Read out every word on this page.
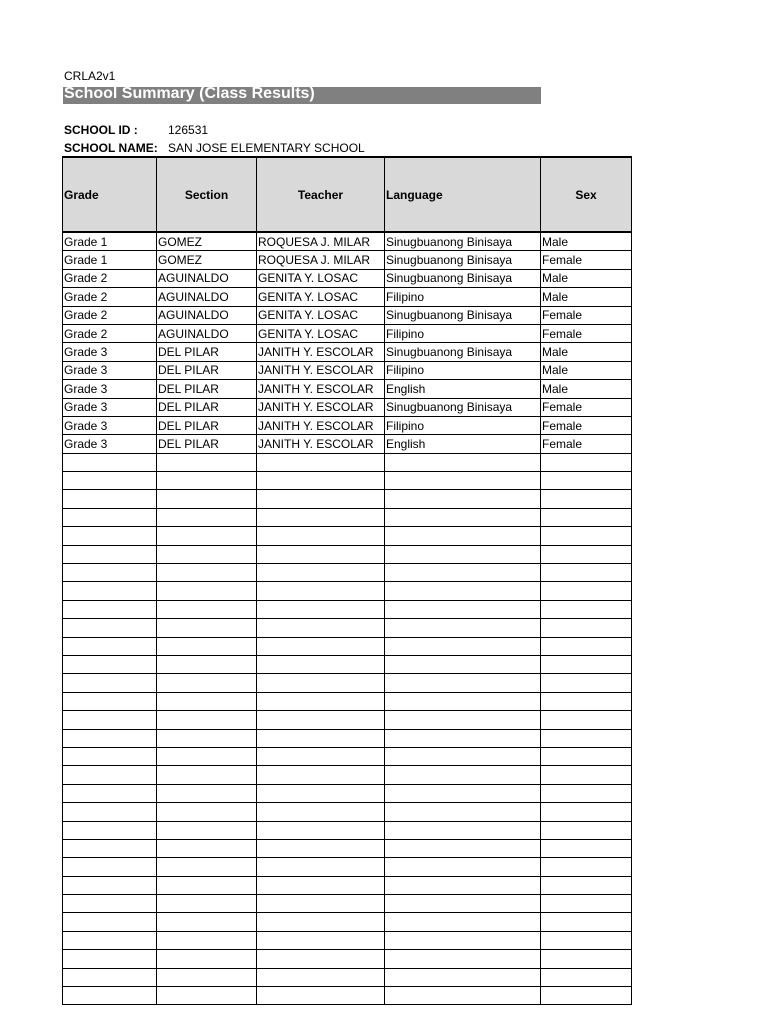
CRLA2v1
School Summary (Class Results)
SCHOOL ID :	126531
SCHOOL NAME: SAN JOSE ELEMENTARY SCHOOL
Grade	Section	Teacher	Language	Sex
Grade 1	GOMEZ	ROQUESA J. MILAR	Sinugbuanong Binisaya	Male
Grade 1	GOMEZ	ROQUESA J. MILAR	Sinugbuanong Binisaya	Female
Grade 2	AGUINALDO	GENITA Y. LOSAC	Sinugbuanong Binisaya	Male
Grade 2	AGUINALDO	GENITA Y. LOSAC	Filipino	Male
Grade 2	AGUINALDO	GENITA Y. LOSAC	Sinugbuanong Binisaya	Female
Grade 2	AGUINALDO	GENITA Y. LOSAC	Filipino	Female
Grade 3	DEL PILAR	JANITH Y. ESCOLAR	Sinugbuanong Binisaya	Male
Grade 3	DEL PILAR	JANITH Y. ESCOLAR	Filipino	Male
Grade 3	DEL PILAR	JANITH Y. ESCOLAR	English	Male
Grade 3	DEL PILAR	JANITH Y. ESCOLAR	Sinugbuanong Binisaya	Female
Grade 3	DEL PILAR	JANITH Y. ESCOLAR	Filipino	Female
Grade 3	DEL PILAR	JANITH Y. ESCOLAR	English	Female
